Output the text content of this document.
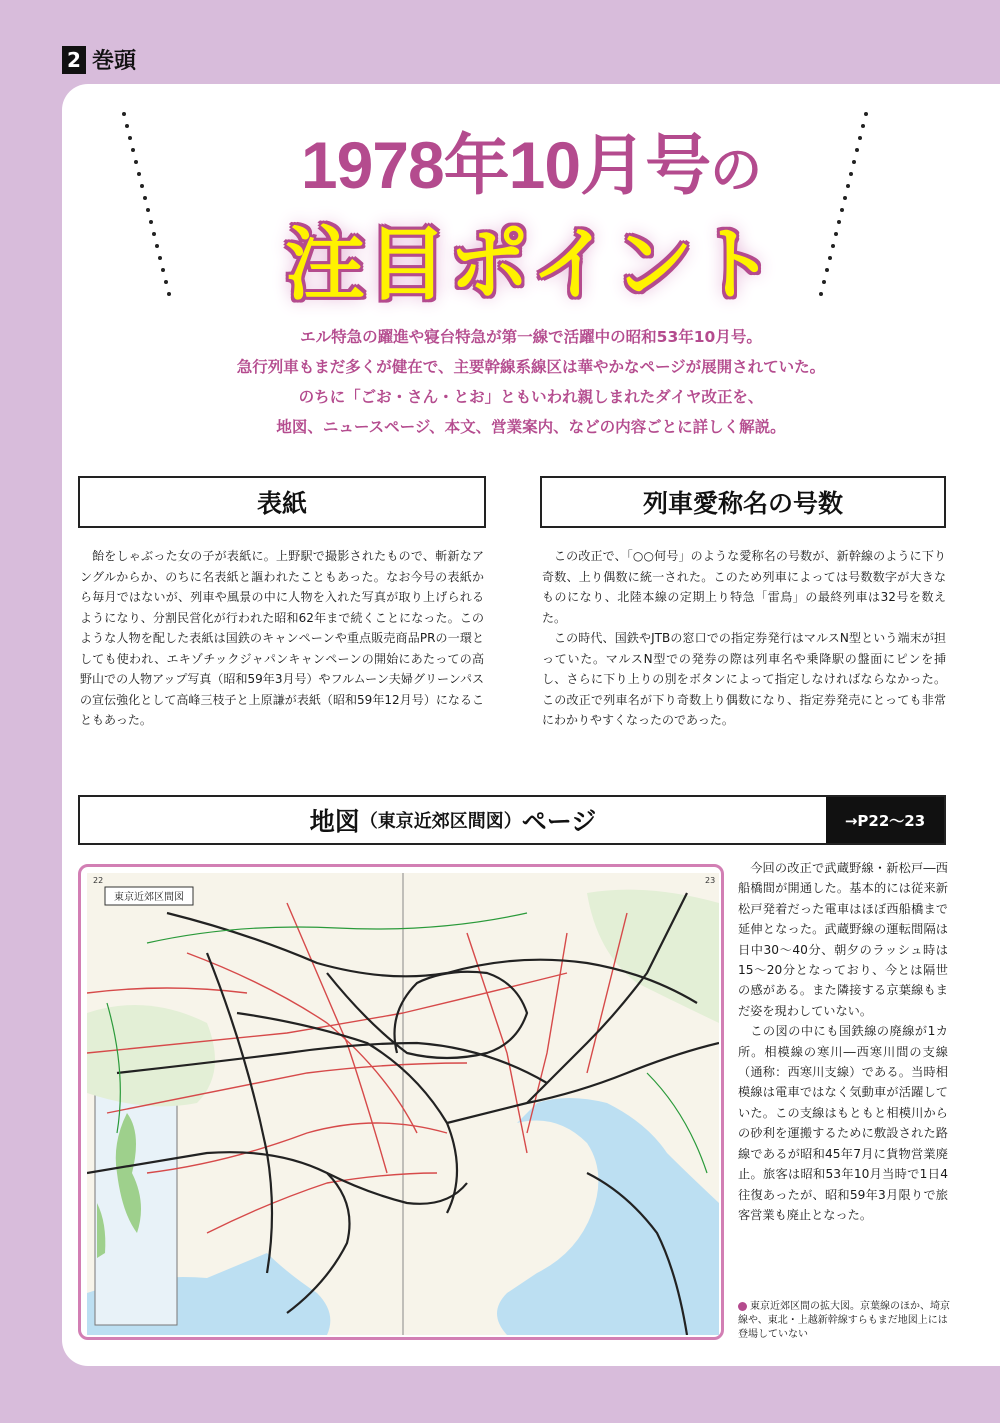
2 巻頭
1978年10月号の
注目ポイント
エル特急の躍進や寝台特急が第一線で活躍中の昭和53年10月号。
急行列車もまだ多くが健在で、主要幹線系線区は華やかなページが展開されていた。
のちに「ごお・さん・とお」ともいわれ親しまれたダイヤ改正を、
地図、ニュースページ、本文、営業案内、などの内容ごとに詳しく解説。
表紙
飴をしゃぶった女の子が表紙に。上野駅で撮影されたもので、斬新なアングルからか、のちに名表紙と謳われたこともあった。なお今号の表紙から毎月ではないが、列車や風景の中に人物を入れた写真が取り上げられるようになり、分割民営化が行われた昭和62年まで続くことになった。このような人物を配した表紙は国鉄のキャンペーンや重点販売商品PRの一環としても使われ、エキゾチックジャパンキャンペーンの開始にあたっての高野山での人物アップ写真（昭和59年3月号）やフルムーン夫婦グリーンパスの宣伝強化として高峰三枝子と上原謙が表紙（昭和59年12月号）になることもあった。
列車愛称名の号数

この改正で、「○○何号」のような愛称名の号数が、新幹線のように下り奇数、上り偶数に統一された。このため列車によっては号数数字が大きなものになり、北陸本線の定期上り特急「雷鳥」の最終列車は32号を数えた。

この時代、国鉄やJTBの窓口での指定券発行はマルスN型という端末が担っていた。マルスN型での発券の際は列車名や乗降駅の盤面にピンを挿し、さらに下り上りの別をボタンによって指定しなければならなかった。この改正で列車名が下り奇数上り偶数になり、指定券発売にとっても非常にわかりやすくなったのであった。

地図 （東京近郊区間図） ページ	→P22～23
東京近郊区間図
22	23

今回の改正で武蔵野線・新松戸―西船橋間が開通した。基本的には従来新松戸発着だった電車はほぼ西船橋まで延伸となった。武蔵野線の運転間隔は日中30～40分、朝夕のラッシュ時は15～20分となっており、今とは隔世の感がある。また隣接する京葉線もまだ姿を現わしていない。

この図の中にも国鉄線の廃線が1カ所。相模線の寒川―西寒川間の支線（通称：西寒川支線）である。当時相模線は電車ではなく気動車が活躍していた。この支線はもともと相模川からの砂利を運搬するために敷設された路線であるが昭和45年7月に貨物営業廃止。旅客は昭和53年10月当時で1日4往復あったが、昭和59年3月限りで旅客営業も廃止となった。

東京近郊区間の拡大図。京葉線のほか、埼京線や、東北・上越新幹線すらもまだ地図上には登場していない
